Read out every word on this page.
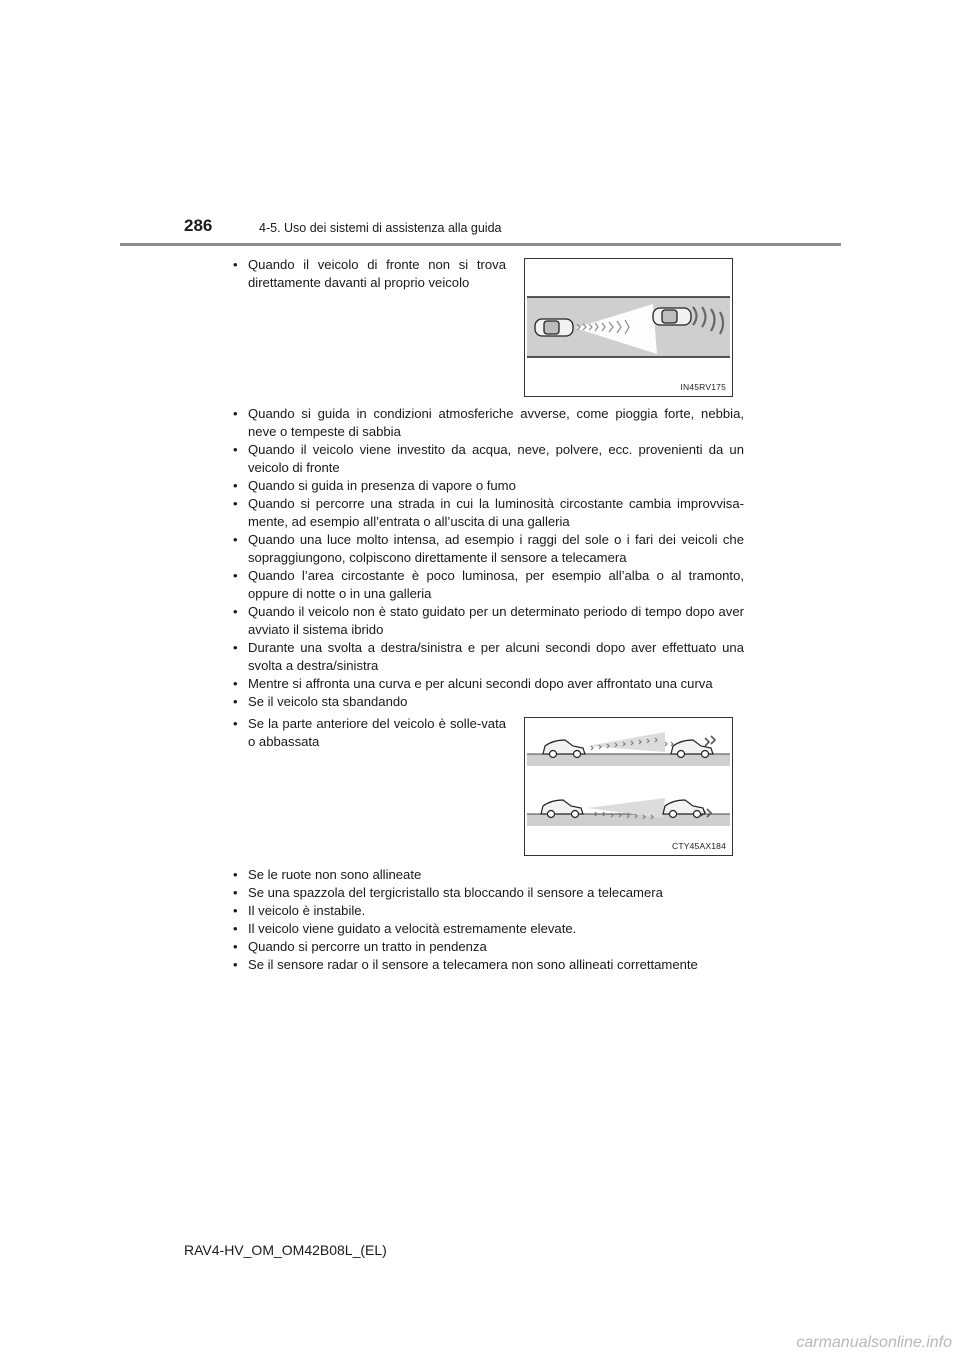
286	4-5. Uso dei sistemi di assistenza alla guida
• Quando il veicolo di fronte non si trova direttamente davanti al proprio veicolo
IN45RV175
• Quando si guida in condizioni atmosferiche avverse, come pioggia forte, nebbia, neve o tempeste di sabbia
• Quando il veicolo viene investito da acqua, neve, polvere, ecc. provenienti da un veicolo di fronte
• Quando si guida in presenza di vapore o fumo
• Quando si percorre una strada in cui la luminosità circostante cambia improvvisa-mente, ad esempio all’entrata o all’uscita di una galleria
• Quando una luce molto intensa, ad esempio i raggi del sole o i fari dei veicoli che sopraggiungono, colpiscono direttamente il sensore a telecamera
• Quando l’area circostante è poco luminosa, per esempio all’alba o al tramonto, oppure di notte o in una galleria
• Quando il veicolo non è stato guidato per un determinato periodo di tempo dopo aver avviato il sistema ibrido
• Durante una svolta a destra/sinistra e per alcuni secondi dopo aver effettuato una svolta a destra/sinistra
• Mentre si affronta una curva e per alcuni secondi dopo aver affrontato una curva
• Se il veicolo sta sbandando
• Se la parte anteriore del veicolo è solle-vata o abbassata
CTY45AX184
• Se le ruote non sono allineate
• Se una spazzola del tergicristallo sta bloccando il sensore a telecamera
• Il veicolo è instabile.
• Il veicolo viene guidato a velocità estremamente elevate.
• Quando si percorre un tratto in pendenza
• Se il sensore radar o il sensore a telecamera non sono allineati correttamente
RAV4-HV_OM_OM42B08L_(EL)
carmanualsonline.info
